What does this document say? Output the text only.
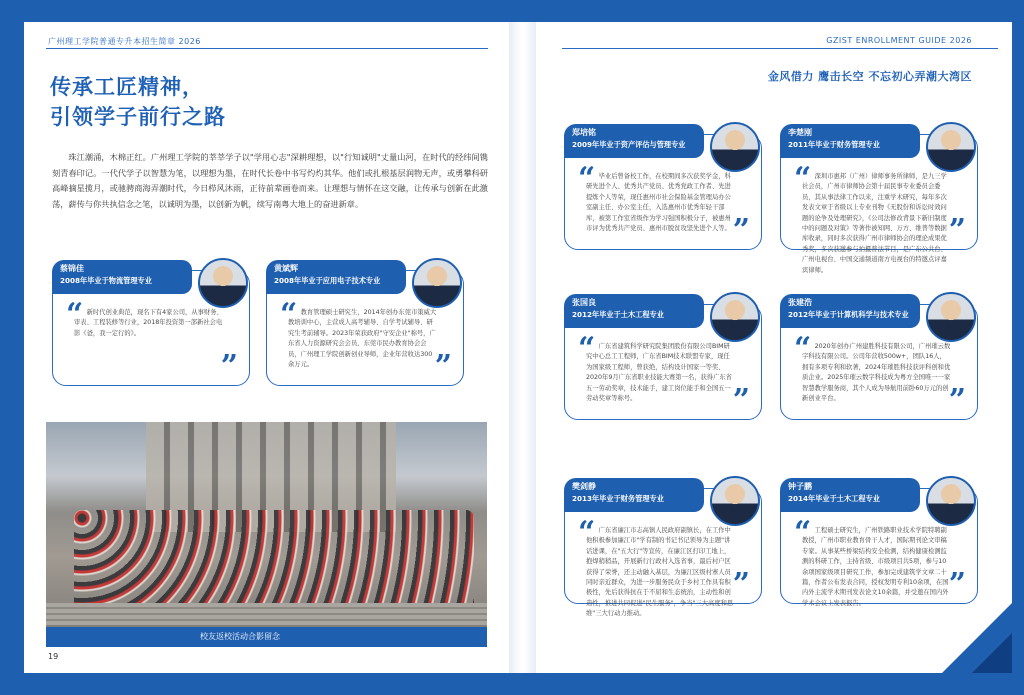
广州理工学院普通专升本招生简章 2026
传承工匠精神，
引领学子前行之路
珠江潮涌，木棉正红。广州理工学院的莘莘学子以"学用心志"深耕理想，以"行知诚明"丈量山河，在时代的经纬间镌刻青春印记。一代代学子以智慧为笔，以理想为墨，在时代长卷中书写灼灼其华。他们或扎根基层润物无声，或勇攀科研高峰摘星揽月，或驰骋商海弄潮时代，今日栉风沐雨，正待前辈画卷而来。让理想与情怀在这交融，让传承与创新在此激荡，薪传与你共执信念之笔，以诚明为墨，以创新为帆，续写南粤大地上的奋进新章。
蔡锦佳
2008年毕业于物流管理专业
“ 新时代创业典范，现名下有4家公司，从事财务、审表、工程装修等行业，2018年投资第一部新社会电影《爸，我一定行的》。
”
黄斌辉
2008年毕业于应用电子技术专业
“ 教育管理硕士研究生，2014年创办东莞市策威大教培训中心，主营成人高考辅导、自学考试辅导、研究生考前辅导。2023年荣获政府"守安企业"称号，广东省人力资源研究会会员，东莞市民办教育协会会员，广州理工学院创新创业导师，企业年营收达300余万元。	”
校友返校活动合影留念
19
GZIST ENROLLMENT GUIDE 2026
金风借力 鹰击长空 不忘初心弄潮大湾区
郑培铭
2009年毕业于资产评估与管理专业
“ 毕业后曾备校工作，在校期间多次获奖学金，科研先进个人、优秀共产党员、优秀党政工作者、先进提炼个人等荣，现任惠州市社会保险基金管理局办公室副主任、办公室主任，入选惠州市优秀年轻干部库，被第工作室省级作为学习强国积极分子，被惠州市评为优秀共产党员、惠州市脱贫攻坚先进个人等。 ”
李楚刚
2011年毕业于财务管理专业
“ 深圳市惠邦（广州）律师事务所律师，是九三学社会员，广州市律师协会第十届民事专业委员会委员，其从事法律工作以来，注重学术研究，每年多次发表文章于省级以上专业刊物《无股份和诉讼时效问题的论争及处理研究》，《公司法修改背景下新旧制度中的问题及对策》等著作被知网、万方、维普等数据库收录，同时多次获得广州市律师协会的理论成果优秀奖，多次获邀参与拍摄普法节目，是广东公共台、广州电视台、中国交通频道南方电视台的特邀点评嘉宾律师。
”
张国良
2012年毕业于土木工程专业
“ 广东省建筑科学研究院集团股份有限公司BIM研究中心总工工程师，广东省BIM技术联盟专家，现任为国家级工程师，曾获绝，结构设计国家一等奖、2020年9月广东省职业技能大赛第一名，获得广东省五一劳动奖章，技术能手，建工岗位能手和全国五一劳动奖章等称号。	”
张建浩
2012年毕业于计算机科学与技术专业
“ 2020年创办广州建胜科技有限公司，广州璀云数字科技有限公司。公司年营收500w+，团队16人，拥有多项专利和软著，2024年璀胜科技获评科创和优质企业。2025年璀云数字科技成为粤方全国唯一一家智慧教学服务商，其个人成为导航用前卧60万元的创新创业平台。	”
樊剑静
2013年毕业于财务管理专业
“ 广东省廉江市志高镇人民政府副镇长，在工作中他积极参加廉江市"学有制的书记书记领导为主题"讲话进课，在"五大行"等宣传，在廉江区打印工地上，抱焊稍稍品，开展新行行政村入选省事，最后村户区获得了荣誉，还主动融入基层，为廉江区级村寨人员同时亲近群众，为进一步服务民众于乡村工作具有积极性，先后获得抗在于不屈和生态统治，主动性和创造性，推进共同促进"民生服务"，争当"三大高度和思维"三大行动力推动。
”
钟子鹏
2014年毕业于土木工程专业
“ 工程硕士研究生，广州铁路职业技术学院特聘副教授，广州市职业教育骨干人才，国际期刊论文审稿专家。从事某些桥梁结构安全检测，结构健康检测监测的科研工作，主持省级、市级项目共5项，参与10余项国家级项目研究工作，参加完成建筑学文章二十篇，作者公布发表合同，授权发明专利10余项，在国内外主流学术期刊发表论文10余篇，并受邀在国内外学术会议上发表报告。
”
20
